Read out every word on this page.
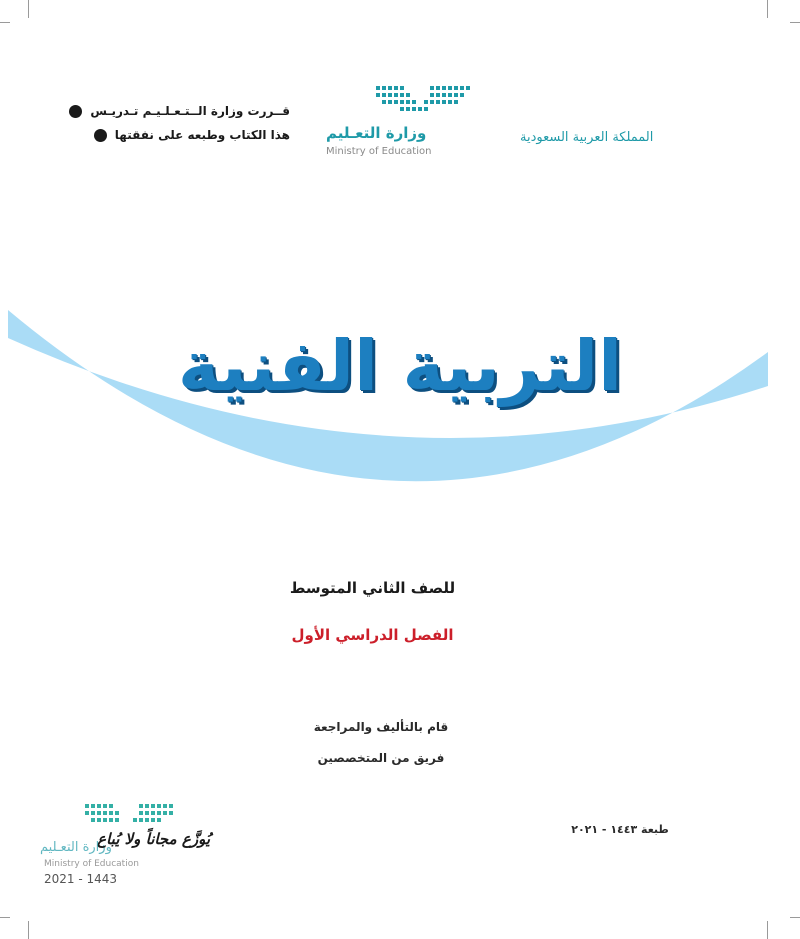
قــررت وزارة الــتـعـلـيـم تـدريـس
هذا الكتاب وطبعه على نفقتها وزارة التعـليم
Ministry of Education
المملكة العربية السعودية
التربية الفنية
للصف الثاني المتوسط
الفصل الدراسي الأول
قام بالتأليف والمراجعة
فريق من المتخصصين
طبعة ١٤٤٣ - ٢٠٢١
يُوزَّع مجاناً ولا يُباع
وزارة التعـليم
Ministry of Education
2021 - 1443
